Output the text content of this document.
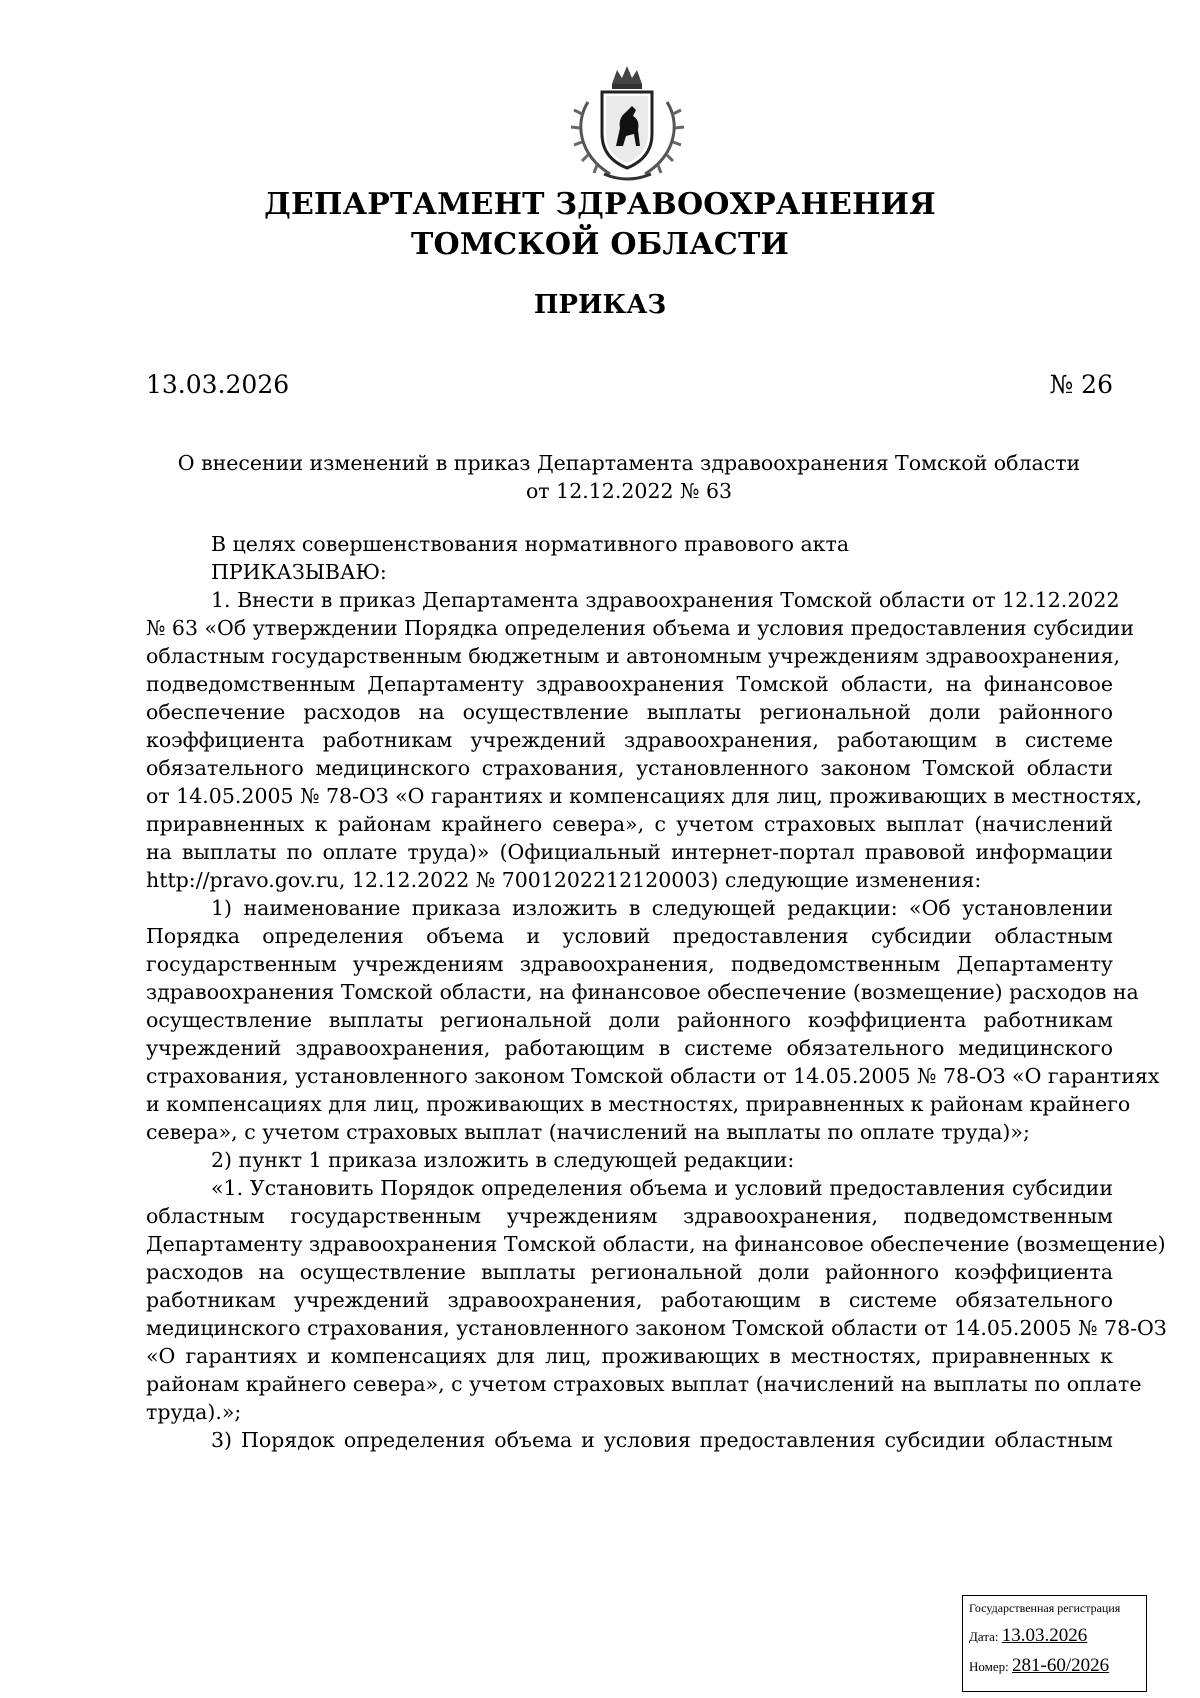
ДЕПАРТАМЕНТ ЗДРАВООХРАНЕНИЯ
ТОМСКОЙ ОБЛАСТИ
ПРИКАЗ
13.03.2026	№ 26
О внесении изменений в приказ Департамента здравоохранения Томской области
от 12.12.2022 № 63
В целях совершенствования нормативного правового акта
ПРИКАЗЫВАЮ:
1. Внести в приказ Департамента здравоохранения Томской области от 12.12.2022
№ 63 «Об утверждении Порядка определения объема и условия предоставления субсидии
областным государственным бюджетным и автономным учреждениям здравоохранения,
подведомственным Департаменту здравоохранения Томской области, на финансовое
обеспечение расходов на осуществление выплаты региональной доли районного
коэффициента работникам учреждений здравоохранения, работающим в системе
обязательного медицинского страхования, установленного законом Томской области
от 14.05.2005 № 78-ОЗ «О гарантиях и компенсациях для лиц, проживающих в местностях,
приравненных к районам крайнего севера», с учетом страховых выплат (начислений
на выплаты по оплате труда)» (Официальный интернет-портал правовой информации
http://pravo.gov.ru, 12.12.2022 № 7001202212120003) следующие изменения:
1) наименование приказа изложить в следующей редакции: «Об установлении
Порядка определения объема и условий предоставления субсидии областным
государственным учреждениям здравоохранения, подведомственным Департаменту
здравоохранения Томской области, на финансовое обеспечение (возмещение) расходов на
осуществление выплаты региональной доли районного коэффициента работникам
учреждений здравоохранения, работающим в системе обязательного медицинского
страхования, установленного законом Томской области от 14.05.2005 № 78-ОЗ «О гарантиях
и компенсациях для лиц, проживающих в местностях, приравненных к районам крайнего
севера», с учетом страховых выплат (начислений на выплаты по оплате труда)»;
2) пункт 1 приказа изложить в следующей редакции:
«1. Установить Порядок определения объема и условий предоставления субсидии
областным государственным учреждениям здравоохранения, подведомственным
Департаменту здравоохранения Томской области, на финансовое обеспечение (возмещение)
расходов на осуществление выплаты региональной доли районного коэффициента
работникам учреждений здравоохранения, работающим в системе обязательного
медицинского страхования, установленного законом Томской области от 14.05.2005 № 78-ОЗ
«О гарантиях и компенсациях для лиц, проживающих в местностях, приравненных к
районам крайнего севера», с учетом страховых выплат (начислений на выплаты по оплате
труда).»;
3) Порядок определения объема и условия предоставления субсидии областным
Государственная регистрация
Дата: 13.03.2026
Номер: 281-60/2026
